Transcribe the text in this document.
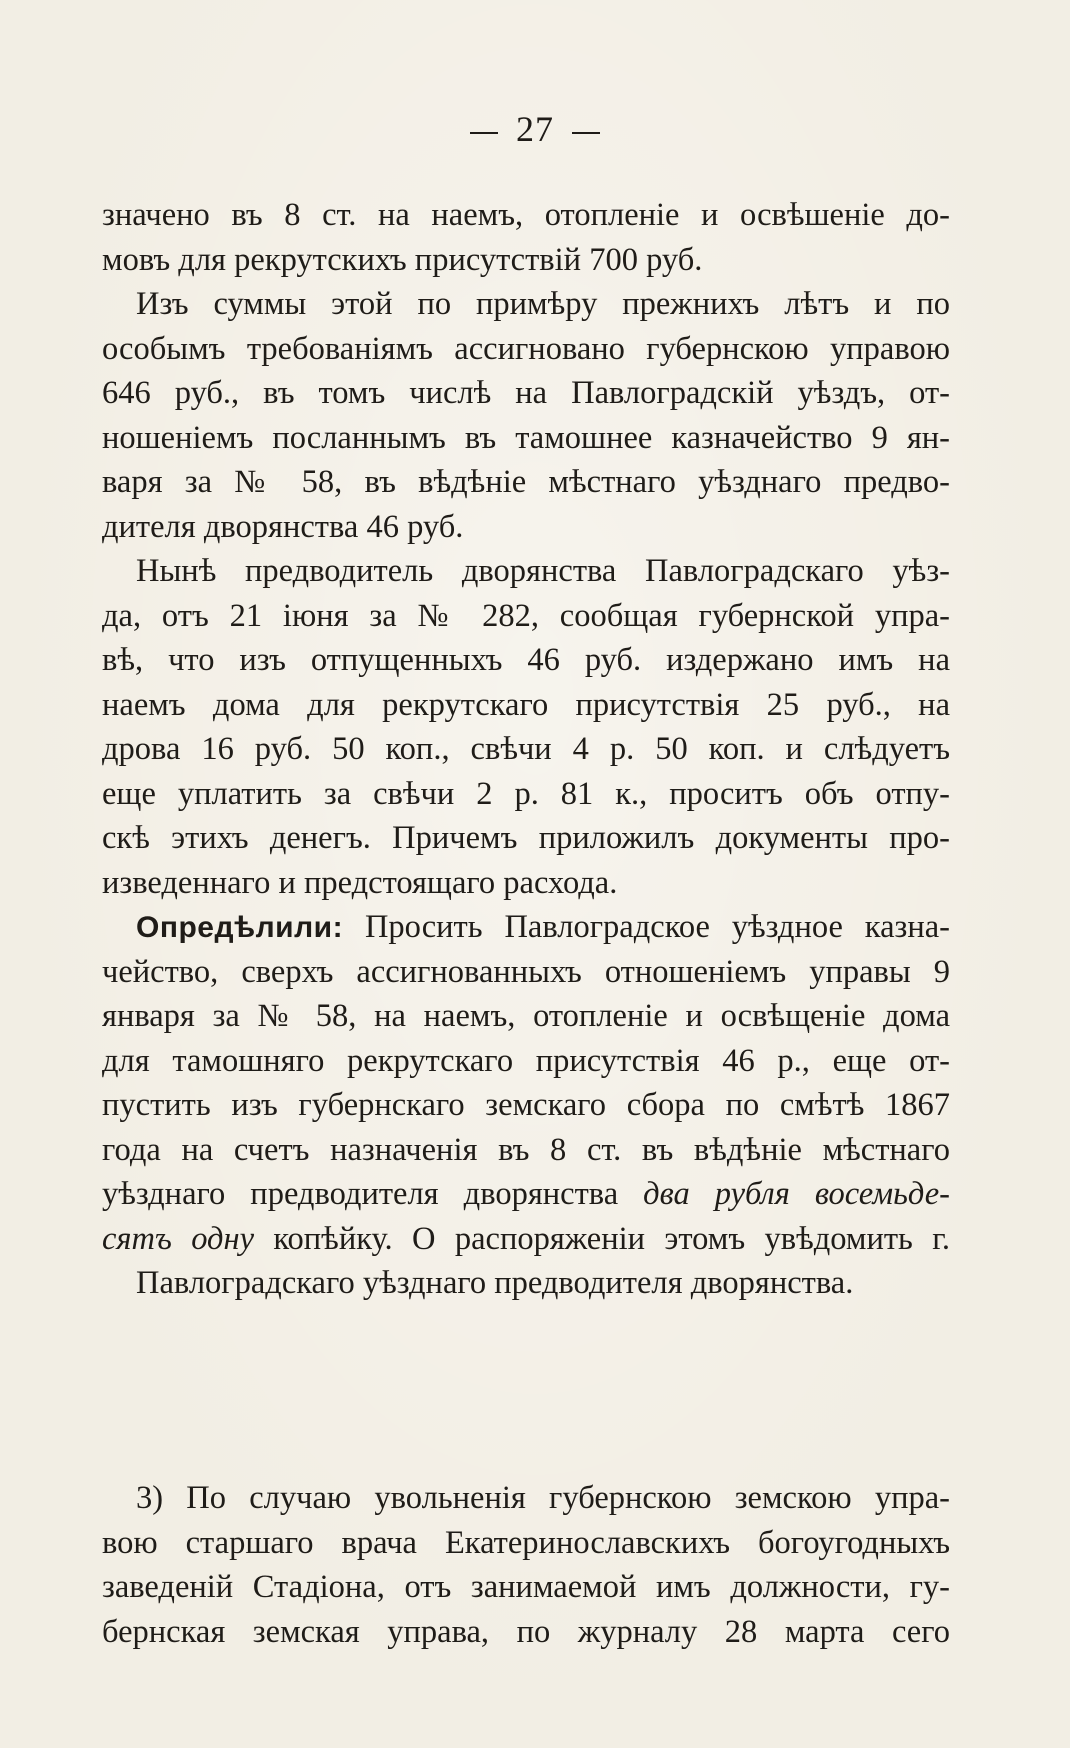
27
значено въ 8 ст. на наемъ, отопленіе и освѣшеніе до-
мовъ для рекрутскихъ присутствій 700 руб.
Изъ суммы этой по примѣру прежнихъ лѣтъ и по
особымъ требованіямъ ассигновано губернскою управою
646 руб., въ томъ числѣ на Павлоградскій уѣздъ, от-
ношеніемъ посланнымъ въ тамошнее казначейство 9 ян-
варя за № 58, въ вѣдѣніе мѣстнаго уѣзднаго предво-
дителя дворянства 46 руб.
Нынѣ предводитель дворянства Павлоградскаго уѣз-
да, отъ 21 іюня за № 282, сообщая губернской упра-
вѣ, что изъ отпущенныхъ 46 руб. издержано имъ на
наемъ дома для рекрутскаго присутствія 25 руб., на
дрова 16 руб. 50 коп., свѣчи 4 р. 50 коп. и слѣдуетъ
еще уплатить за свѣчи 2 р. 81 к., проситъ объ отпу-
скѣ этихъ денегъ. Причемъ приложилъ документы про-
изведеннаго и предстоящаго расхода.
Опредѣлили: Просить Павлоградское уѣздное казна-
чейство, сверхъ ассигнованныхъ отношеніемъ управы 9
января за № 58, на наемъ, отопленіе и освѣщеніе дома
для тамошняго рекрутскаго присутствія 46 р., еще от-
пустить изъ губернскаго земскаго сбора по смѣтѣ 1867
года на счетъ назначенія въ 8 ст. въ вѣдѣніе мѣстнаго
уѣзднаго предводителя дворянства два рубля восемьде-
сятъ одну копѣйку. О распоряженіи этомъ увѣдомить г.
Павлоградскаго уѣзднаго предводителя дворянства.
3) По случаю увольненія губернскою земскою упра-
вою старшаго врача Екатеринославскихъ богоугодныхъ
заведеній Стадіона, отъ занимаемой имъ должности, гу-
бернская земская управа, по журналу 28 марта сего
